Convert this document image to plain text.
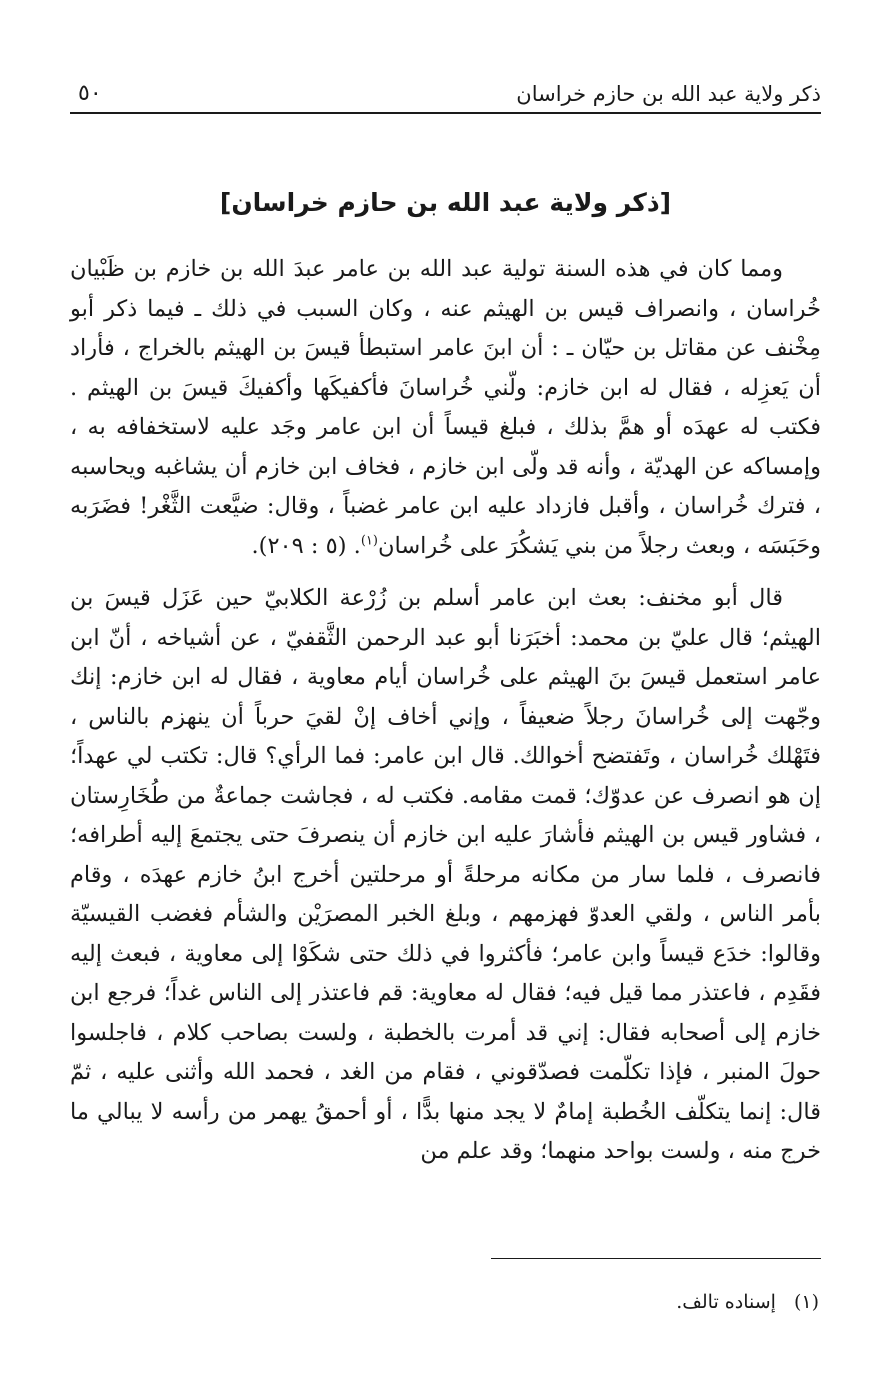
ذكر ولاية عبد الله بن حازم خراسان
٥٠
[ذكر ولاية عبد الله بن حازم خراسان]

ومما كان في هذه السنة تولية عبد الله بن عامر عبدَ الله بن خازم بن ظَبْيان خُراسان ، وانصراف قيس بن الهيثم عنه ، وكان السبب في ذلك ـ فيما ذكر أبو مِخْنف عن مقاتل بن حيّان ـ : أن ابنَ عامر استبطأ قيسَ بن الهيثم بالخراج ، فأراد أن يَعزِله ، فقال له ابن خازم: ولّني خُراسانَ فأكفيكَها وأكفيكَ قيسَ بن الهيثم . فكتب له عهدَه أو همَّ بذلك ، فبلغ قيساً أن ابن عامر وجَد عليه لاستخفافه به ، وإمساكه عن الهديّة ، وأنه قد ولّى ابن خازم ، فخاف ابن خازم أن يشاغبه ويحاسبه ، فترك خُراسان ، وأقبل فازداد عليه ابن عامر غضباً ، وقال: ضيَّعت الثَّغْر! فضَرَبه وحَبَسَه ، وبعث رجلاً من بني يَشكُرَ على خُراسان$^{(١)}$. (٥ : ٢٠٩).

قال أبو مخنف: بعث ابن عامر أسلم بن زُرْعة الكلابيّ حين عَزَل قيسَ بن الهيثم؛ قال عليّ بن محمد: أخبَرَنا أبو عبد الرحمن الثَّقفيّ ، عن أشياخه ، أنّ ابن عامر استعمل قيسَ بنَ الهيثم على خُراسان أيام معاوية ، فقال له ابن خازم: إنك وجّهت إلى خُراسانَ رجلاً ضعيفاً ، وإني أخاف إنْ لقيَ حرباً أن ينهزم بالناس ، فتَهْلك خُراسان ، وتَفتضح أخوالك. قال ابن عامر: فما الرأي؟ قال: تكتب لي عهداً؛ إن هو انصرف عن عدوّك؛ قمت مقامه. فكتب له ، فجاشت جماعةٌ من طُخَارِستان ، فشاور قيس بن الهيثم فأشارَ عليه ابن خازم أن ينصرفَ حتى يجتمعَ إليه أطرافه؛ فانصرف ، فلما سار من مكانه مرحلةً أو مرحلتين أخرج ابنُ خازم عهدَه ، وقام بأمر الناس ، ولقي العدوّ فهزمهم ، وبلغ الخبر المصرَيْن والشأم فغضب القيسيّة وقالوا: خدَع قيساً وابن عامر؛ فأكثروا في ذلك حتى شكَوْا إلى معاوية ، فبعث إليه فقَدِم ، فاعتذر مما قيل فيه؛ فقال له معاوية: قم فاعتذر إلى الناس غداً؛ فرجع ابن خازم إلى أصحابه فقال: إني قد أمرت بالخطبة ، ولست بصاحب كلام ، فاجلسوا حولَ المنبر ، فإذا تكلّمت فصدّقوني ، فقام من الغد ، فحمد الله وأثنى عليه ، ثمّ قال: إنما يتكلّف الخُطبة إمامٌ لا يجد منها بدًّا ، أو أحمقُ يهمر من رأسه لا يبالي ما خرج منه ، ولست بواحد منهما؛ وقد علم من

(١)إسناده تالف.
